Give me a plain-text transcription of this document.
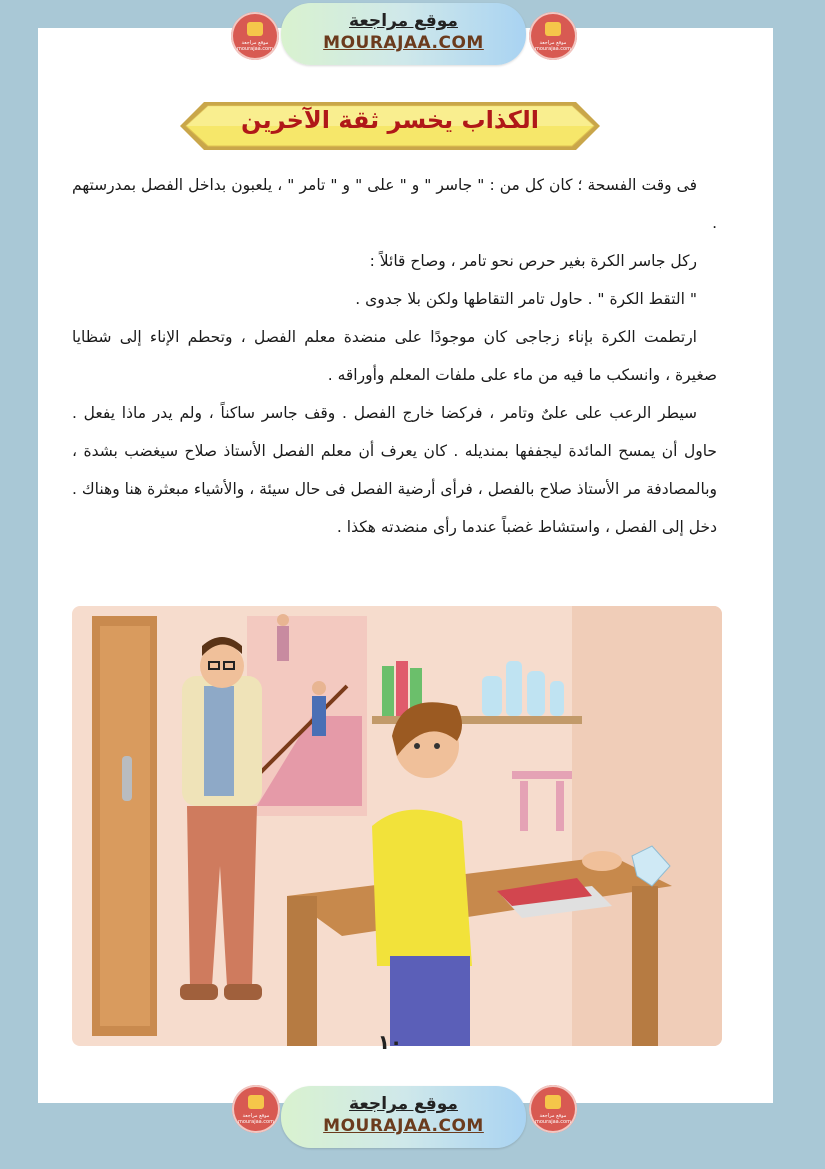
موقع مراجعة mourajaa.com
موقع مراجعة
MOURAJAA.COM	موقع مراجعة mourajaa.com
الكذاب يخسر ثقة الآخرين

فى وقت الفسحة ؛ كان كل من : " جاسر " و " على " و " تامر " ، يلعبون بداخل الفصل بمدرستهم .

ركل جاسر الكرة بغير حرص نحو تامر ، وصاح قائلاً :

" التقط الكرة " . حاول تامر التقاطها ولكن بلا جدوى .

ارتطمت الكرة بإناء زجاجى كان موجودًا على منضدة معلم الفصل ، وتحطم الإناء إلى شظايا صغيرة ، وانسكب ما فيه من ماء على ملفات المعلم وأوراقه .

سيطر الرعب على علىٌ وتامر ، فركضا خارج الفصل . وقف جاسر ساكناً ، ولم يدر ماذا يفعل . حاول أن يمسح المائدة ليجففها بمنديله . كان يعرف أن معلم الفصل الأستاذ صلاح سيغضب بشدة ، وبالمصادفة مر الأستاذ صلاح بالفصل ، فرأى أرضية الفصل فى حال سيئة ، والأشياء مبعثرة هنا وهناك . دخل إلى الفصل ، واستشاط غضباً عندما رأى منضدته هكذا .

١٠
موقع مراجعة mourajaa.com
موقع مراجعة
MOURAJAA.COM	موقع مراجعة mourajaa.com
